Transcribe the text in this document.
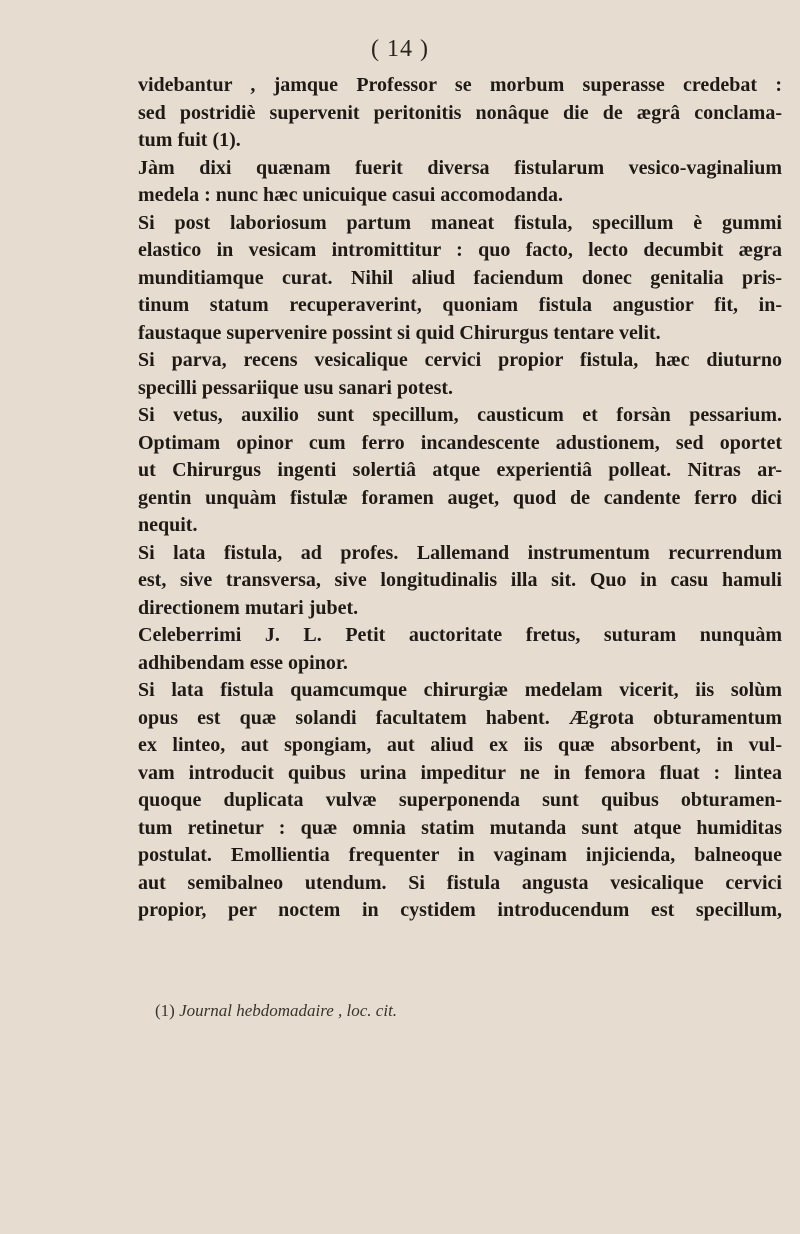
( 14 )

videbantur , jamque Professor se morbum superasse credebat :
sed postridiè supervenit peritonitis nonâque die de ægrâ conclama-
tum fuit (1).

Jàm dixi quænam fuerit diversa fistularum vesico-vaginalium
medela : nunc hæc unicuique casui accomodanda.

Si post laboriosum partum maneat fistula, specillum è gummi
elastico in vesicam intromittitur : quo facto, lecto decumbit ægra
munditiamque curat. Nihil aliud faciendum donec genitalia pris-
tinum statum recuperaverint, quoniam fistula angustior fit, in-
faustaque supervenire possint si quid Chirurgus tentare velit.

Si parva, recens vesicalique cervici propior fistula, hæc diuturno
specilli pessariique usu sanari potest.

Si vetus, auxilio sunt specillum, causticum et forsàn pessarium.
Optimam opinor cum ferro incandescente adustionem, sed oportet
ut Chirurgus ingenti solertiâ atque experientiâ polleat. Nitras ar-
gentin unquàm fistulæ foramen auget, quod de candente ferro dici
nequit.

Si lata fistula, ad profes. Lallemand instrumentum recurrendum
est, sive transversa, sive longitudinalis illa sit. Quo in casu hamuli
directionem mutari jubet.

Celeberrimi J. L. Petit auctoritate fretus, suturam nunquàm
adhibendam esse opinor.

Si lata fistula quamcumque chirurgiæ medelam vicerit, iis solùm
opus est quæ solandi facultatem habent. Ægrota obturamentum
ex linteo, aut spongiam, aut aliud ex iis quæ absorbent, in vul-
vam introducit quibus urina impeditur ne in femora fluat : lintea
quoque duplicata vulvæ superponenda sunt quibus obturamen-
tum retinetur : quæ omnia statim mutanda sunt atque humiditas
postulat. Emollientia frequenter in vaginam injicienda, balneoque
aut semibalneo utendum. Si fistula angusta vesicalique cervici
propior, per noctem in cystidem introducendum est specillum,

(1) Journal hebdomadaire , loc. cit.
